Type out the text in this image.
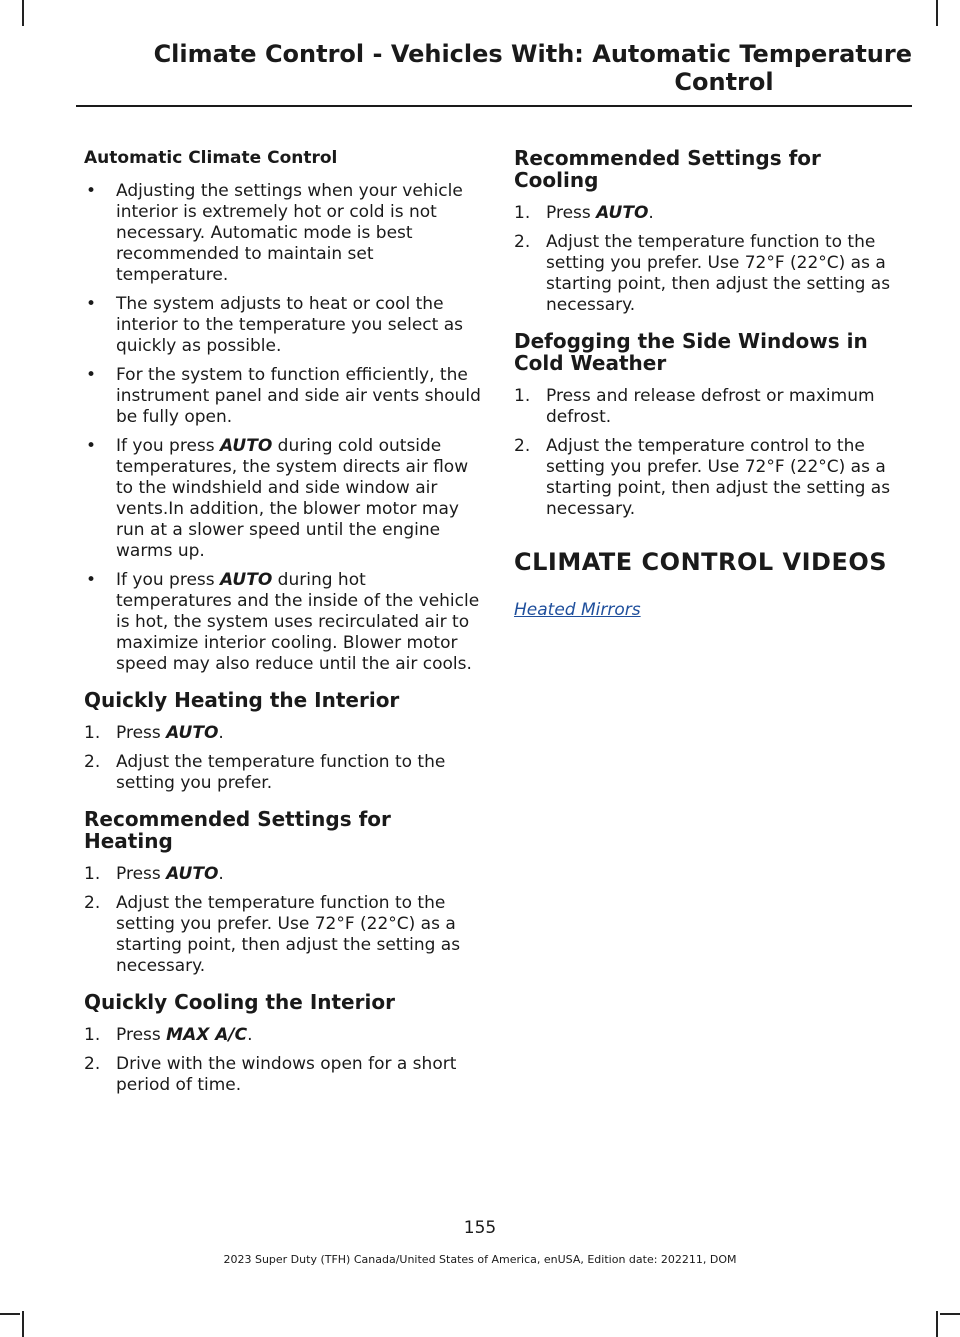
Climate Control - Vehicles With: Automatic Temperature
Control
Automatic Climate Control
• Adjusting the settings when your vehicle interior is extremely hot or cold is not necessary. Automatic mode is best recommended to maintain set temperature.
• The system adjusts to heat or cool the interior to the temperature you select as quickly as possible.
• For the system to function efficiently, the instrument panel and side air vents should be fully open.
• If you press AUTO during cold outside temperatures, the system directs air flow to the windshield and side window air vents.In addition, the blower motor may run at a slower speed until the engine warms up.
• If you press AUTO during hot temperatures and the inside of the vehicle is hot, the system uses recirculated air to maximize interior cooling. Blower motor speed may also reduce until the air cools.
Quickly Heating the Interior
1. Press AUTO.
2. Adjust the temperature function to the setting you prefer.
Recommended Settings for Heating
1. Press AUTO.
2. Adjust the temperature function to the setting you prefer. Use 72°F (22°C) as a starting point, then adjust the setting as necessary.
Quickly Cooling the Interior
1. Press MAX A/C.
2. Drive with the windows open for a short period of time.
Recommended Settings for Cooling
1. Press AUTO.
2. Adjust the temperature function to the setting you prefer. Use 72°F (22°C) as a starting point, then adjust the setting as necessary.
Defogging the Side Windows in Cold Weather
1. Press and release defrost or maximum defrost.
2. Adjust the temperature control to the setting you prefer. Use 72°F (22°C) as a starting point, then adjust the setting as necessary.
CLIMATE CONTROL VIDEOS
Heated Mirrors
155
2023 Super Duty (TFH) Canada/United States of America, enUSA, Edition date: 202211, DOM
